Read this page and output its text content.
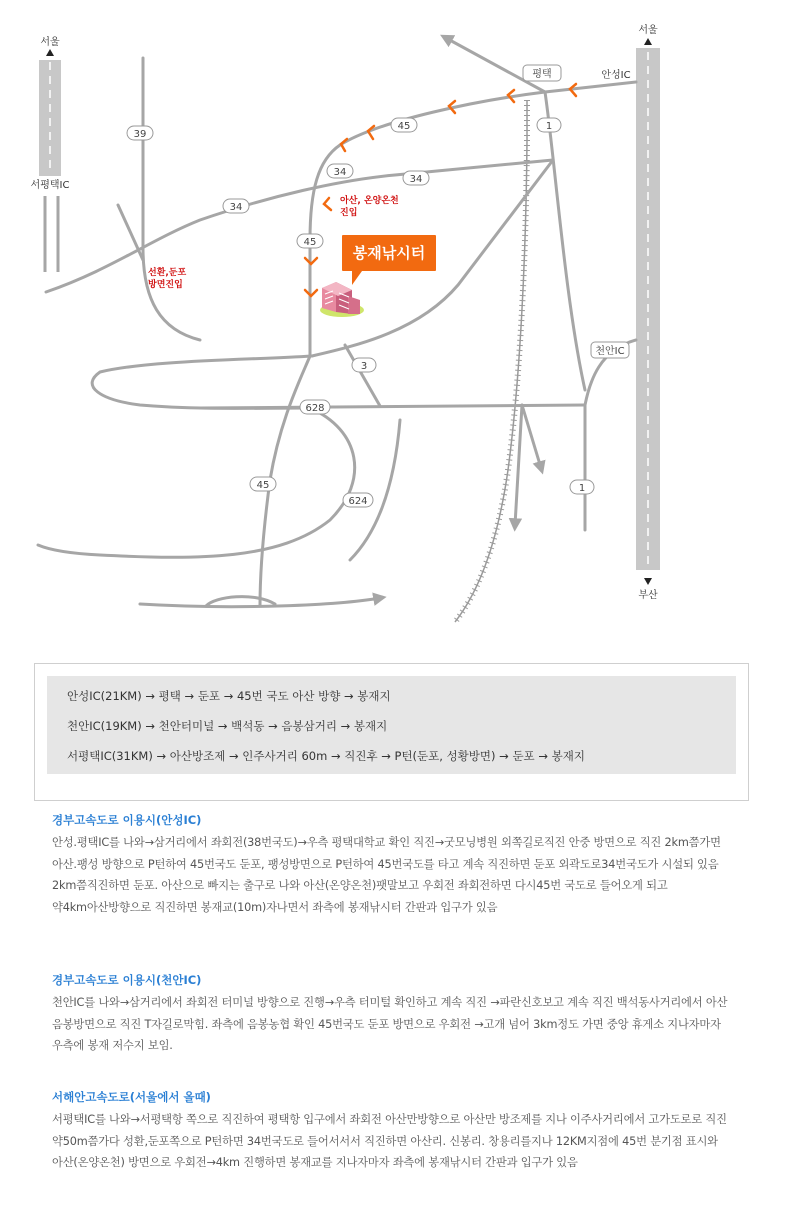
서울
서평택IC
서울
부산
39
45
34
34
34
1
45
3
628
45
624
1
평택	안성IC
천안IC
아산, 온양온천
진입
선환,둔포
방면진입
봉재낚시터
안성IC(21KM) → 평택 → 둔포 → 45번 국도 아산 방향 → 봉재지
천안IC(19KM) → 천안터미널 → 백석동 → 음봉삼거리 → 봉재지
서평택IC(31KM) → 아산방조제 → 인주사거리 60m → 직진후 → P턴(둔포, 성황방면) → 둔포 → 봉재지
경부고속도로 이용시(안성IC)

안성.평택IC를 나와→삼거리에서 좌회전(38번국도)→우측 평택대학교 확인 직진→굿모닝병원 외쪽길로직진 안중 방면으로 직진 2km쯤가면 아산.팽성 방향으로 P턴하여 45번국도 둔포, 팽성방면으로 P턴하여 45번국도를 타고 계속 직진하면 둔포 외곽도로34번국도가 시설되 있음 2km쯤직진하면 둔포. 아산으로 빠지는 출구로 나와 아산(온양온천)팻말보고 우회전 좌회전하면 다시45번 국도로 들어오게 되고 약4km아산방향으로 직진하면 봉재교(10m)자나면서 좌측에 봉재낚시터 간판과 입구가 있음

경부고속도로 이용시(천안IC)

천안IC를 나와→삼거리에서 좌회전 터미널 방향으로 진행→우측 터미털 확인하고 계속 직진 →파란신호보고 계속 직진 백석동사거리에서 아산 음봉방면으로 직진 T자길로막힘. 좌측에 음봉농협 확인 45번국도 둔포 방면으로 우회전 →고개 넘어 3km정도 가면 중앙 휴게소 지나자마자 우측에 봉재 저수지 보임.

서해안고속도로(서울에서 올때)

서평택IC를 나와→서평택항 쪽으로 직진하여 평택항 입구에서 좌회전 아산만방향으로 아산만 방조제를 지나 이주사거리에서 고가도로로 직진 약50m쯤가다 성환,둔포쪽으로 P턴하면 34번국도로 들어서서서 직진하면 아산리. 신봉리. 창용리를지나 12KM지점에 45번 분기점 표시와 아산(온양온천) 방면으로 우회전→4km 진행하면 봉재교를 지나자마자 좌측에 봉재낚시터 간판과 입구가 있음
